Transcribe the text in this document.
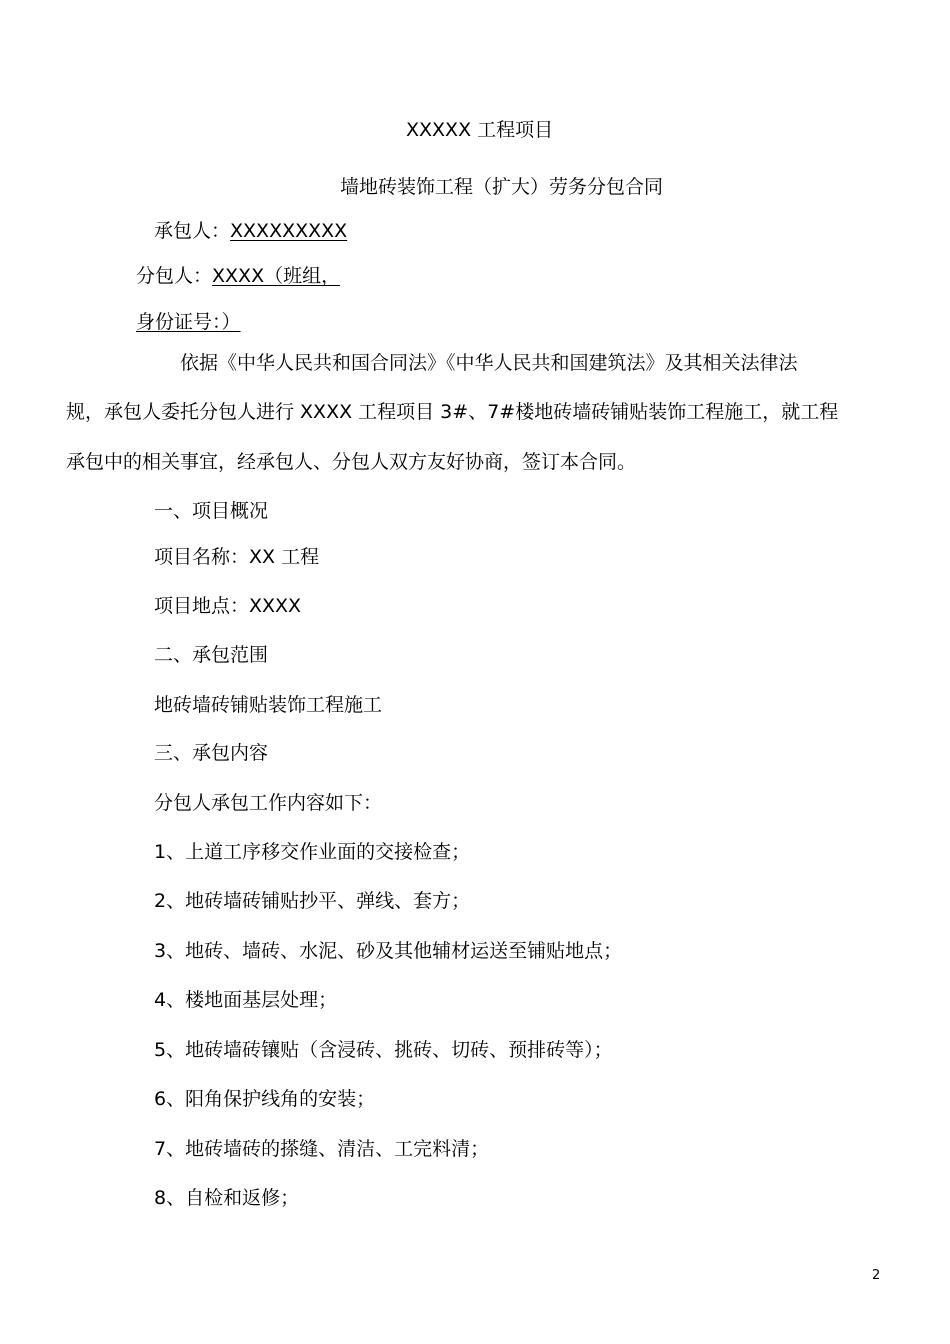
XXXXX 工程项目
墙地砖装饰工程（扩大）劳务分包合同
承包人：XXXXXXXXX
分包人：XXXX（班组，
身份证号：）
依据《中华人民共和国合同法》《中华人民共和国建筑法》及其相关法律法
规，承包人委托分包人进行 XXXX 工程项目 3#、7#楼地砖墙砖铺贴装饰工程施工，就工程
承包中的相关事宜，经承包人、分包人双方友好协商，签订本合同。
一、项目概况
项目名称：XX 工程
项目地点：XXXX
二、承包范围
地砖墙砖铺贴装饰工程施工
三、承包内容
分包人承包工作内容如下：
1、上道工序移交作业面的交接检查；
2、地砖墙砖铺贴抄平、弹线、套方；
3、地砖、墙砖、水泥、砂及其他辅材运送至铺贴地点；
4、楼地面基层处理；
5、地砖墙砖镶贴（含浸砖、挑砖、切砖、预排砖等）；
6、阳角保护线角的安装；
7、地砖墙砖的搽缝、清洁、工完料清；
8、自检和返修；
2
